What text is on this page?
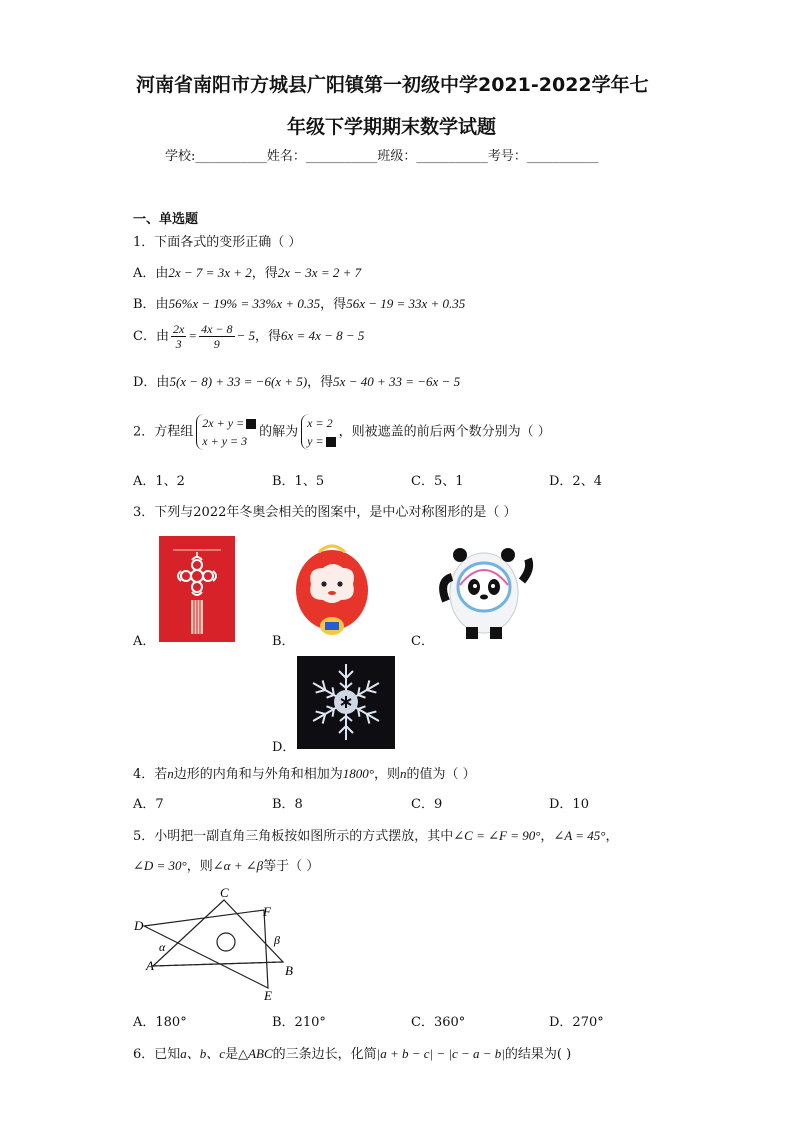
河南省南阳市方城县广阳镇第一初级中学2021-2022学年七
年级下学期期末数学试题
学校:___________姓名：___________班级：___________考号：___________
一、单选题
1．下面各式的变形正确（ ）
A．由2x − 7 = 3x + 2，得2x − 3x = 2 + 7
B．由56%x − 19% = 33%x + 0.35，得56x − 19 = 33x + 0.35
C．由 $\frac{2x}{3} = \frac{4x - 8}{9} - 5$，得6x = 4x − 8 − 5
D．由5(x − 8) + 33 = −6(x + 5)，得5x − 40 + 33 = −6x − 5
2．方程组2x + y =
x + y = 3的解为x = 2
y =，则被遮盖的前后两个数分别为（ ）
A．1、2	B．1、5	C．5、1	D．2、4
3．下列与2022年冬奥会相关的图案中，是中心对称图形的是（ ）
A．	B．	C．
D．
4．若n边形的内角和与外角和相加为1800°，则n的值为（ ）
A．7	B．8	C．9	D．10
5．小明把一副直角三角板按如图所示的方式摆放，其中∠C = ∠F = 90°，∠A = 45°，
∠D = 30°，则∠α + ∠β等于（ ）
C
F
D
α	β
A	B
E
A．180°	B．210°	C．360°	D．270°
6．已知a、b、c是△ABC的三条边长，化简|a + b − c| − |c − a − b|的结果为( )
